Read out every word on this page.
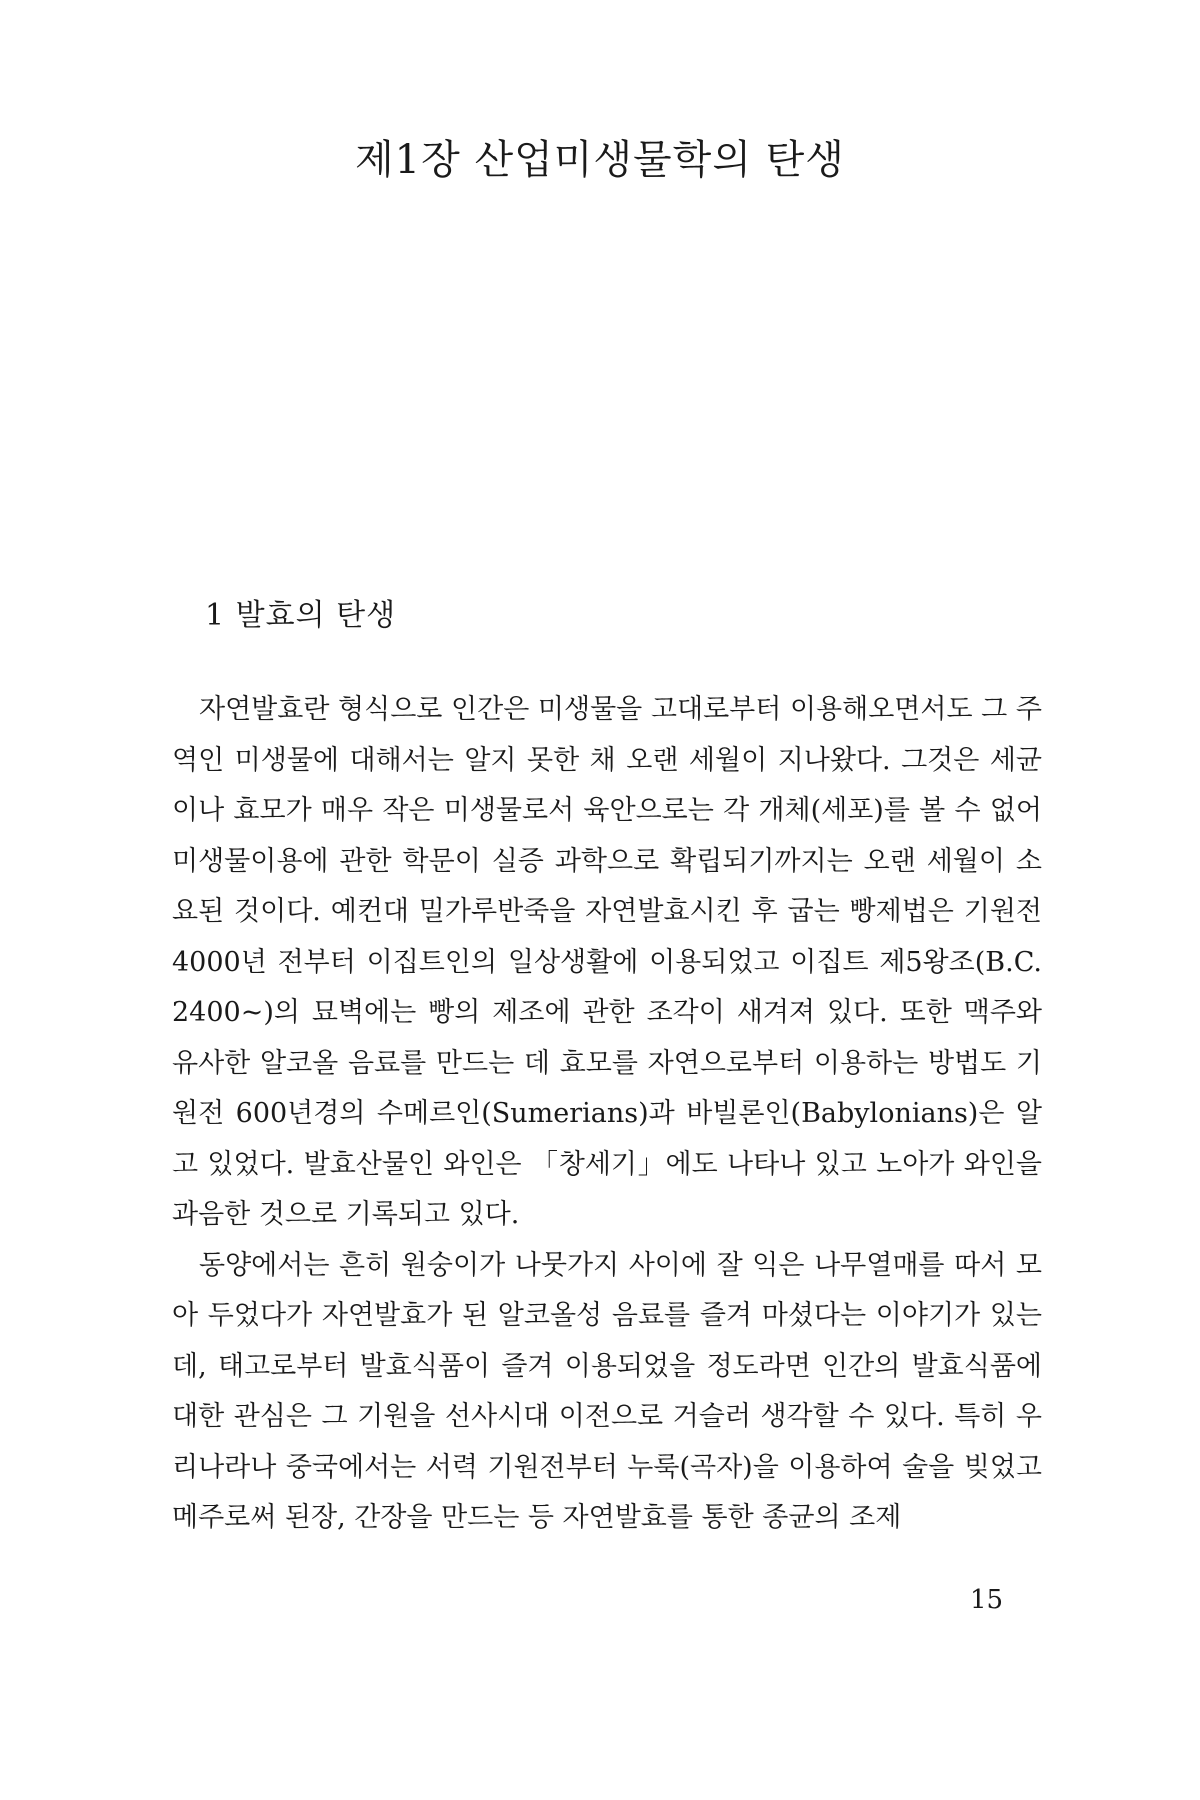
제1장 산업미생물학의 탄생
1 발효의 탄생

자연발효란 형식으로 인간은 미생물을 고대로부터 이용해오면서도 그 주역인 미생물에 대해서는 알지 못한 채 오랜 세월이 지나왔다. 그것은 세균이나 효모가 매우 작은 미생물로서 육안으로는 각 개체(세포)를 볼 수 없어 미생물이용에 관한 학문이 실증 과학으로 확립되기까지는 오랜 세월이 소요된 것이다. 예컨대 밀가루반죽을 자연발효시킨 후 굽는 빵제법은 기원전 4000년 전부터 이집트인의 일상생활에 이용되었고 이집트 제5왕조(B.C. 2400~)의 묘벽에는 빵의 제조에 관한 조각이 새겨져 있다. 또한 맥주와 유사한 알코올 음료를 만드는 데 효모를 자연으로부터 이용하는 방법도 기원전 600년경의 수메르인(Sumerians)과 바빌론인(Babylonians)은 알고 있었다. 발효산물인 와인은 「창세기」에도 나타나 있고 노아가 와인을 과음한 것으로 기록되고 있다.

동양에서는 흔히 원숭이가 나뭇가지 사이에 잘 익은 나무열매를 따서 모아 두었다가 자연발효가 된 알코올성 음료를 즐겨 마셨다는 이야기가 있는데, 태고로부터 발효식품이 즐겨 이용되었을 정도라면 인간의 발효식품에 대한 관심은 그 기원을 선사시대 이전으로 거슬러 생각할 수 있다. 특히 우리나라나 중국에서는 서력 기원전부터 누룩(곡자)을 이용하여 술을 빚었고 메주로써 된장, 간장을 만드는 등 자연발효를 통한 종균의 조제

15
